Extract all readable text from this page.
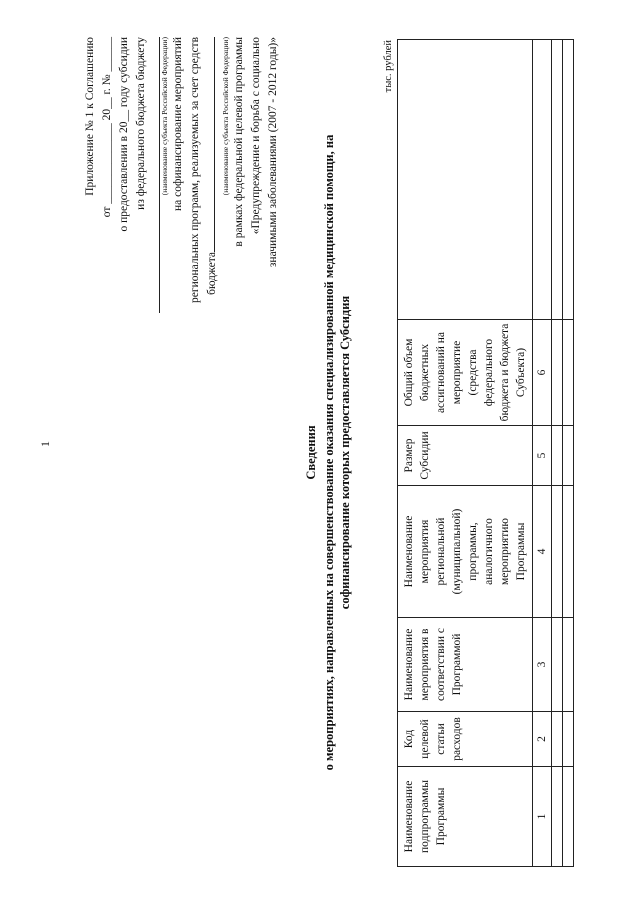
1
Приложение № 1 к Соглашению от ______________ 20__ г. № ______ о предоставлении в 20__ году субсидии из федерального бюджета бюджету	(наименование субъекта Российской Федерации) на софинансирование мероприятий региональных программ, реализуемых за счет средств бюджета
(наименование субъекта Российской Федерации) в рамках федеральной целевой программы «Предупреждение и борьба с социально значимыми заболеваниями (2007 - 2012 годы)»
Сведения о мероприятиях, направленных на совершенствование оказания специализированной медицинской помощи, на софинансирование которых предоставляется Субсидия
тыс. рублей
Наименование подпрограммы Программы	Код целевой статьи расходов	Наименование мероприятия в соответствии с Программой	Наименование мероприятия региональной (муниципальной) программы, аналогичного мероприятию Программы	Размер Субсидии	Общий объем бюджетных ассигнований на мероприятие (средства федерального бюджета и бюджета Субъекта)	
1	2	3	4	5	6	
